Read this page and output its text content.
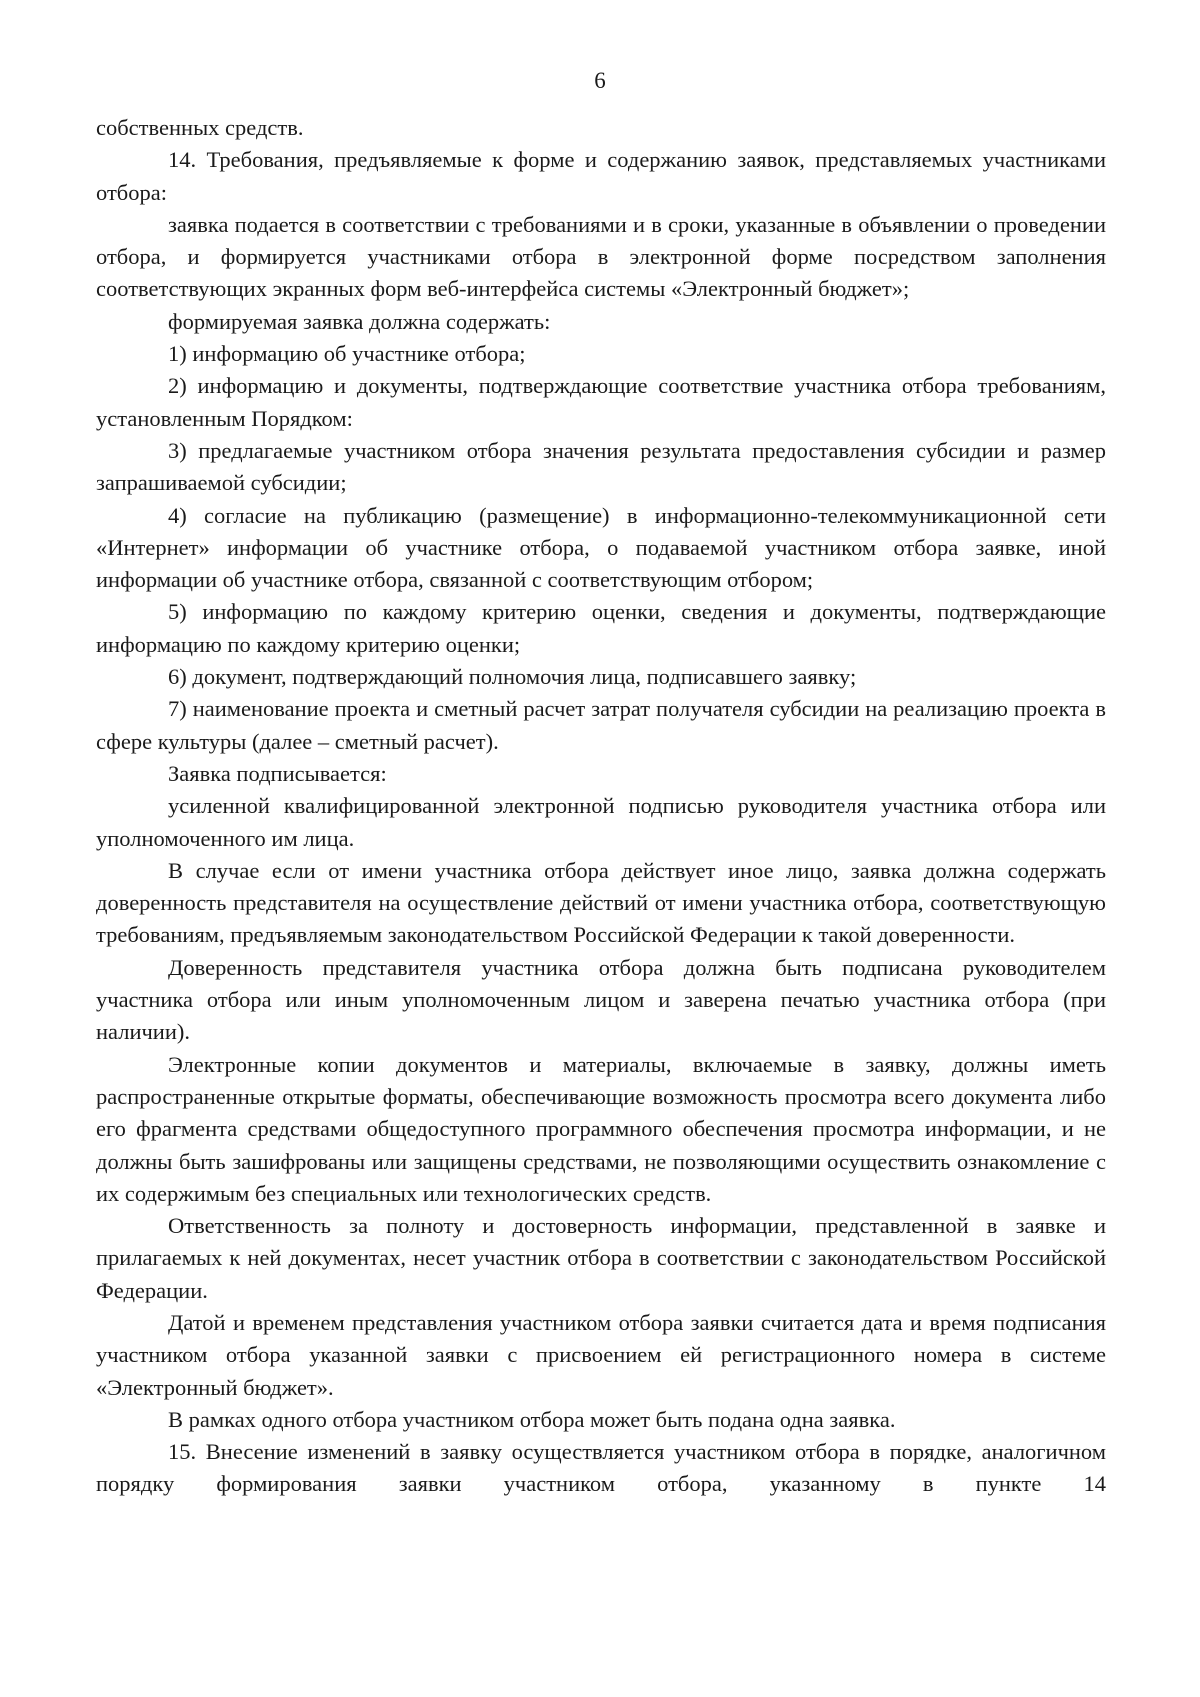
6

собственных средств.

14. Требования, предъявляемые к форме и содержанию заявок, представляемых участниками отбора:

заявка подается в соответствии с требованиями и в сроки, указанные в объявлении о проведении отбора, и формируется участниками отбора в электронной форме посредством заполнения соответствующих экранных форм веб-интерфейса системы «Электронный бюджет»;

формируемая заявка должна содержать:

1) информацию об участнике отбора;

2) информацию и документы, подтверждающие соответствие участника отбора требованиям, установленным Порядком:

3) предлагаемые участником отбора значения результата предоставления субсидии и размер запрашиваемой субсидии;

4) согласие на публикацию (размещение) в информационно-телекоммуникационной сети «Интернет» информации об участнике отбора, о подаваемой участником отбора заявке, иной информации об участнике отбора, связанной с соответствующим отбором;

5) информацию по каждому критерию оценки, сведения и документы, подтверждающие информацию по каждому критерию оценки;

6) документ, подтверждающий полномочия лица, подписавшего заявку;

7) наименование проекта и сметный расчет затрат получателя субсидии на реализацию проекта в сфере культуры (далее – сметный расчет).

Заявка подписывается:

усиленной квалифицированной электронной подписью руководителя участника отбора или уполномоченного им лица.

В случае если от имени участника отбора действует иное лицо, заявка должна содержать доверенность представителя на осуществление действий от имени участника отбора, соответствующую требованиям, предъявляемым законодательством Российской Федерации к такой доверенности.

Доверенность представителя участника отбора должна быть подписана руководителем участника отбора или иным уполномоченным лицом и заверена печатью участника отбора (при наличии).

Электронные копии документов и материалы, включаемые в заявку, должны иметь распространенные открытые форматы, обеспечивающие возможность просмотра всего документа либо его фрагмента средствами общедоступного программного обеспечения просмотра информации, и не должны быть зашифрованы или защищены средствами, не позволяющими осуществить ознакомление с их содержимым без специальных или технологических средств.

Ответственность за полноту и достоверность информации, представленной в заявке и прилагаемых к ней документах, несет участник отбора в соответствии с законодательством Российской Федерации.

Датой и временем представления участником отбора заявки считается дата и время подписания участником отбора указанной заявки с присвоением ей регистрационного номера в системе «Электронный бюджет».

В рамках одного отбора участником отбора может быть подана одна заявка.

15. Внесение изменений в заявку осуществляется участником отбора в порядке, аналогичном порядку формирования заявки участником отбора, указанному в пункте 14
